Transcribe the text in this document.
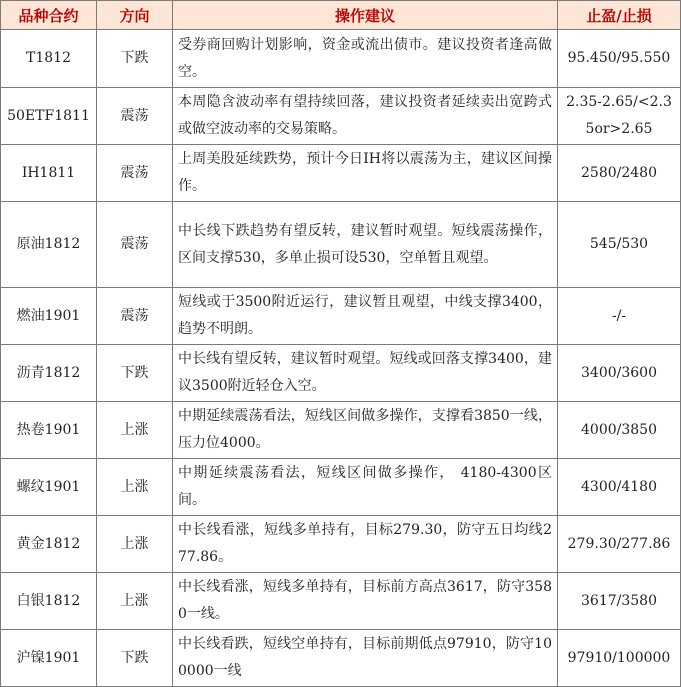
品种合约	方向	操作建议	止盈/止损
T1812	下跌	受券商回购计划影响，资金或流出债市。建议投资者逢高做空。	95.450/95.550
50ETF1811	震荡	本周隐含波动率有望持续回落，建议投资者延续卖出宽跨式或做空波动率的交易策略。	2.35-2.65/<2.35or>2.65
IH1811	震荡	上周美股延续跌势，预计今日IH将以震荡为主，建议区间操作。	2580/2480
原油1812	震荡	中长线下跌趋势有望反转，建议暂时观望。短线震荡操作，区间支撑530，多单止损可设530，空单暂且观望。	545/530
燃油1901	震荡	短线或于3500附近运行，建议暂且观望，中线支撑3400，趋势不明朗。	-/-
沥青1812	下跌	中长线有望反转，建议暂时观望。短线或回落支撑3400，建议3500附近轻仓入空。	3400/3600
热卷1901	上涨	中期延续震荡看法，短线区间做多操作，支撑看3850一线，压力位4000。	4000/3850
螺纹1901	上涨	中期延续震荡看法，短线区间做多操作， 4180-4300区间。	4300/4180
黄金1812	上涨	中长线看涨，短线多单持有，目标279.30，防守五日均线277.86。	279.30/277.86
白银1812	上涨	中长线看涨，短线多单持有，目标前方高点3617，防守3580一线。	3617/3580
沪镍1901	下跌	中长线看跌，短线空单持有，目标前期低点97910，防守100000一线	97910/100000
